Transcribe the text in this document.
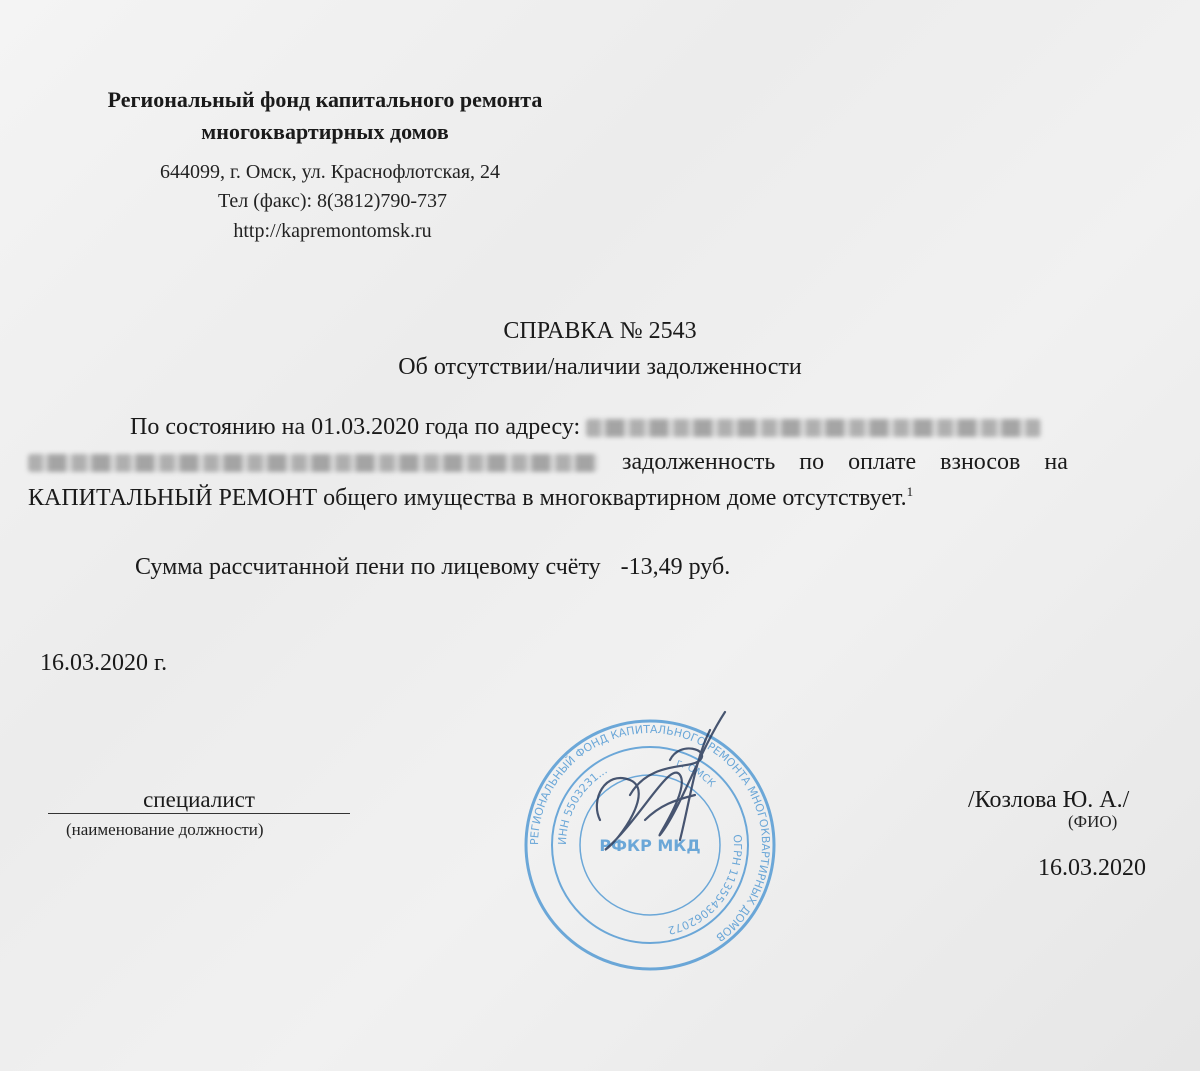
Региональный фонд капитального ремонта
многоквартирных домов
644099, г. Омск, ул. Краснофлотская, 24
Тел (факс): 8(3812)790-737
http://kapremontomsk.ru
СПРАВКА № 2543
Об отсутствии/наличии задолженности
По состоянию на 01.03.2020 года по адресу:
задолженность по оплате взносов на
КАПИТАЛЬНЫЙ РЕМОНТ общего имущества в многоквартирном доме отсутствует.$^1$
Сумма рассчитанной пени по лицевому счёту -13,49 руб.
16.03.2020 г.
специалист
(наименование должности)
/Козлова Ю. А./
(ФИО)
16.03.2020
РЕГИОНАЛЬНЫЙ ФОНД КАПИТАЛЬНОГО РЕМОНТА МНОГОКВАРТИРНЫХ ДОМОВ
ИНН 5503231...
ОГРН 1135543062072
г. ОМСК
РФКР МКД
